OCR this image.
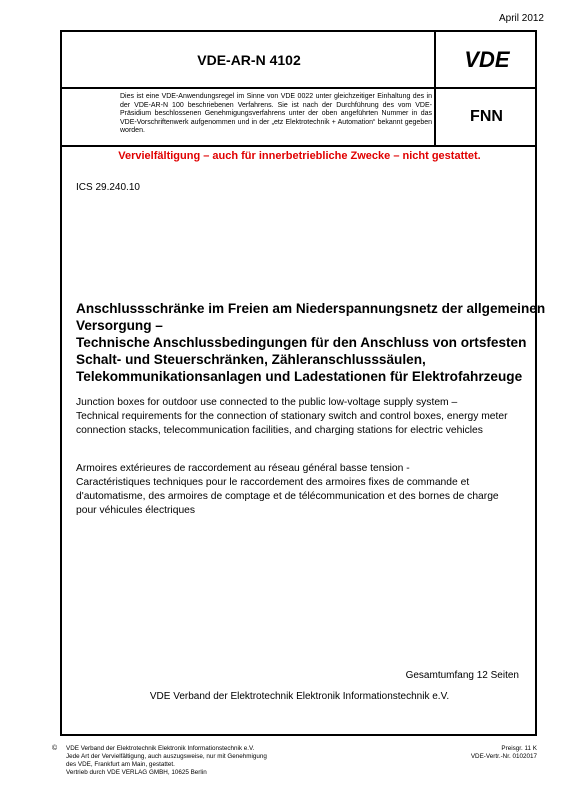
April 2012
VDE-AR-N 4102
Dies ist eine VDE-Anwendungsregel im Sinne von VDE 0022 unter gleichzeitiger Einhaltung des in der VDE-AR-N 100 beschriebenen Verfahrens. Sie ist nach der Durchführung des vom VDE-Präsidium beschlossenen Genehmigungsverfahrens unter der oben angeführten Nummer in das VDE-Vorschriftenwerk aufgenommen und in der „etz Elektrotechnik + Automation“ bekannt gegeben worden.
VDE
FNN
Vervielfältigung – auch für innerbetriebliche Zwecke – nicht gestattet.
ICS 29.240.10
Anschlussschränke im Freien am Niederspannungsnetz der allgemeinen
Versorgung –
Technische Anschlussbedingungen für den Anschluss von ortsfesten
Schalt- und Steuerschränken, Zähleranschlusssäulen,
Telekommunikationsanlagen und Ladestationen für Elektrofahrzeuge
Junction boxes for outdoor use connected to the public low-voltage supply system –
Technical requirements for the connection of stationary switch and control boxes, energy meter
connection stacks, telecommunication facilities, and charging stations for electric vehicles
Armoires extérieures de raccordement au réseau général basse tension -
Caractéristiques techniques pour le raccordement des armoires fixes de commande et
d'automatisme, des armoires de comptage et de télécommunication et des bornes de charge
pour véhicules électriques
Gesamtumfang 12 Seiten
VDE Verband der Elektrotechnik Elektronik Informationstechnik e.V.
© VDE Verband der Elektrotechnik Elektronik Informationstechnik e.V.
Jede Art der Vervielfältigung, auch auszugsweise, nur mit Genehmigung
des VDE, Frankfurt am Main, gestattet.
Vertrieb durch VDE VERLAG GMBH, 10625 Berlin
Preisgr. 11 K
VDE-Vertr.-Nr. 0102017
